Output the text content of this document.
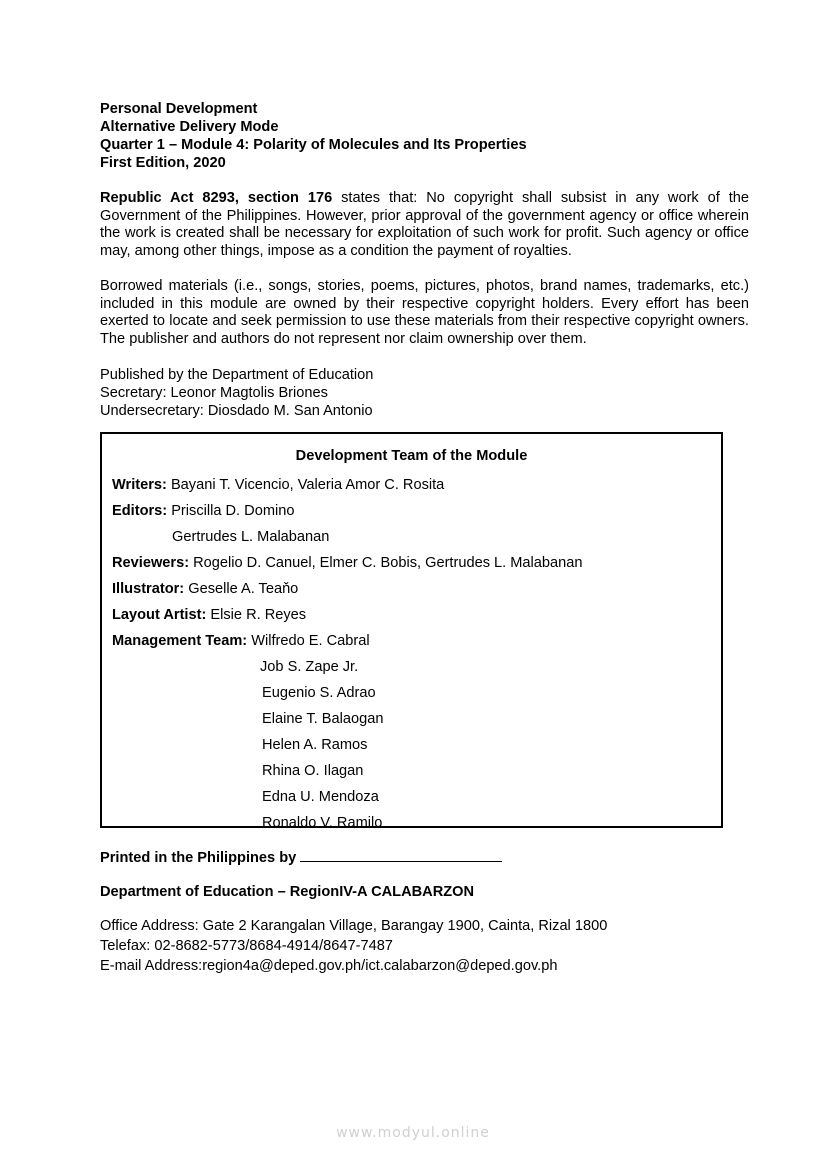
Personal Development

Alternative Delivery Mode

Quarter 1 – Module 4: Polarity of Molecules and Its Properties

First Edition, 2020

Republic Act 8293, section 176 states that: No copyright shall subsist in any work of the Government of the Philippines. However, prior approval of the government agency or office wherein the work is created shall be necessary for exploitation of such work for profit. Such agency or office may, among other things, impose as a condition the payment of royalties.

Borrowed materials (i.e., songs, stories, poems, pictures, photos, brand names, trademarks, etc.) included in this module are owned by their respective copyright holders. Every effort has been exerted to locate and seek permission to use these materials from their respective copyright owners. The publisher and authors do not represent nor claim ownership over them.

Published by the Department of Education

Secretary: Leonor Magtolis Briones

Undersecretary: Diosdado M. San Antonio

Development Team of the Module

Writers: Bayani T. Vicencio, Valeria Amor C. Rosita

Editors: Priscilla D. Domino

Gertrudes L. Malabanan

Reviewers: Rogelio D. Canuel, Elmer C. Bobis, Gertrudes L. Malabanan

Illustrator: Geselle A. Teaňo

Layout Artist: Elsie R. Reyes

Management Team: Wilfredo E. Cabral

Job S. Zape Jr.

Eugenio S. Adrao

Elaine T. Balaogan

Helen A. Ramos

Rhina O. Ilagan

Edna U. Mendoza

Ronaldo V. Ramilo

Printed in the Philippines by

Department of Education – RegionIV-A CALABARZON

Office Address: Gate 2 Karangalan Village, Barangay 1900, Cainta, Rizal 1800

Telefax: 02-8682-5773/8684-4914/8647-7487

E-mail Address:region4a@deped.gov.ph/ict.calabarzon@deped.gov.ph

www.modyul.online
